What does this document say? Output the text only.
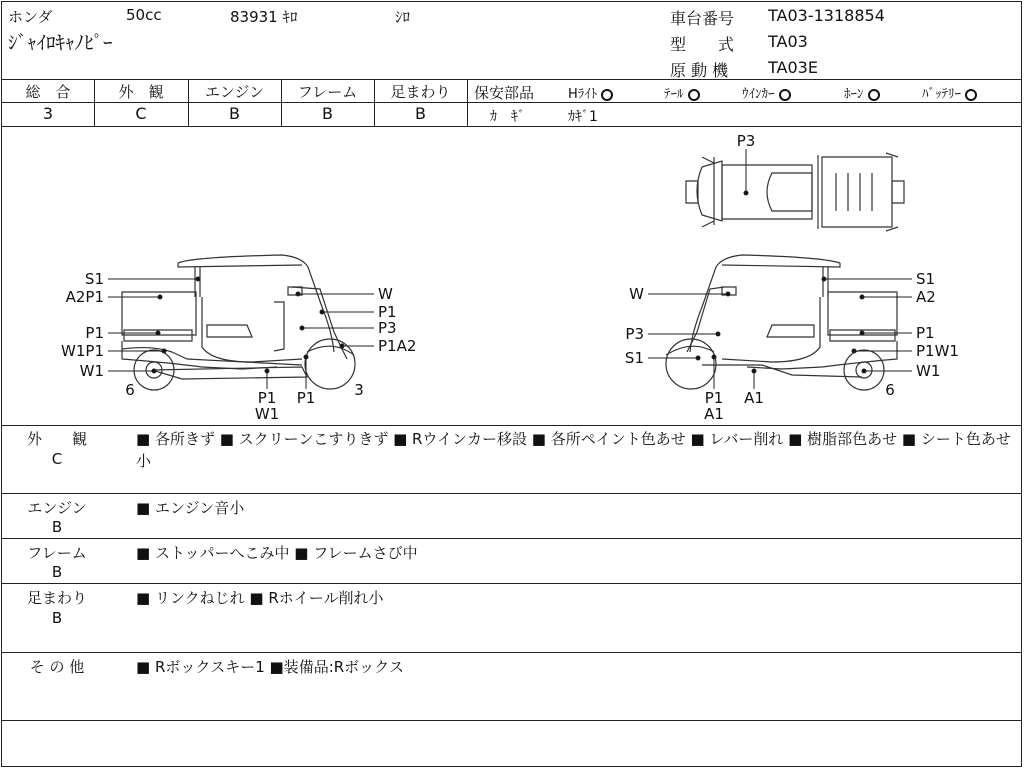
ホンダ	50cc	83931 ｷﾛ	ｼﾛ
ｼﾞｬｲﾛｷｬﾉﾋﾟｰ
車台番号 TA03-1318854
型　　式 TA03
原 動 機 TA03E
総　合	外　観	エンジン	フレーム	足まわり
3	C	B	B	B
保安部品	Hﾗｲﾄ	ﾃｰﾙ	ｳｲﾝｶｰ	ﾎｰﾝ	ﾊﾞｯﾃﾘｰ
ｶ　ｷﾞ	ｶｷﾞ1
S1
A2P1
P1
W1P1
W1
6
W
P1
P3
P1A2
P1
W1
P1	3
S1
A2
P1
P1W1
W1
6
W
P3
S1
P1
A1
A1
P3
外　　観
C
■ 各所きず ■ スクリーンこすりきず ■ Rウインカー移設 ■ 各所ペイント色あせ ■ レバー削れ ■ 樹脂部色あせ ■ シート色あせ小
エンジン
B
■ エンジン音小
フレーム
B
■ ストッパーへこみ中 ■ フレームさび中
足まわり
B
■ リンクねじれ ■ Rホイール削れ小
そ の 他	■ Rボックスキー1 ■装備品:Rボックス
